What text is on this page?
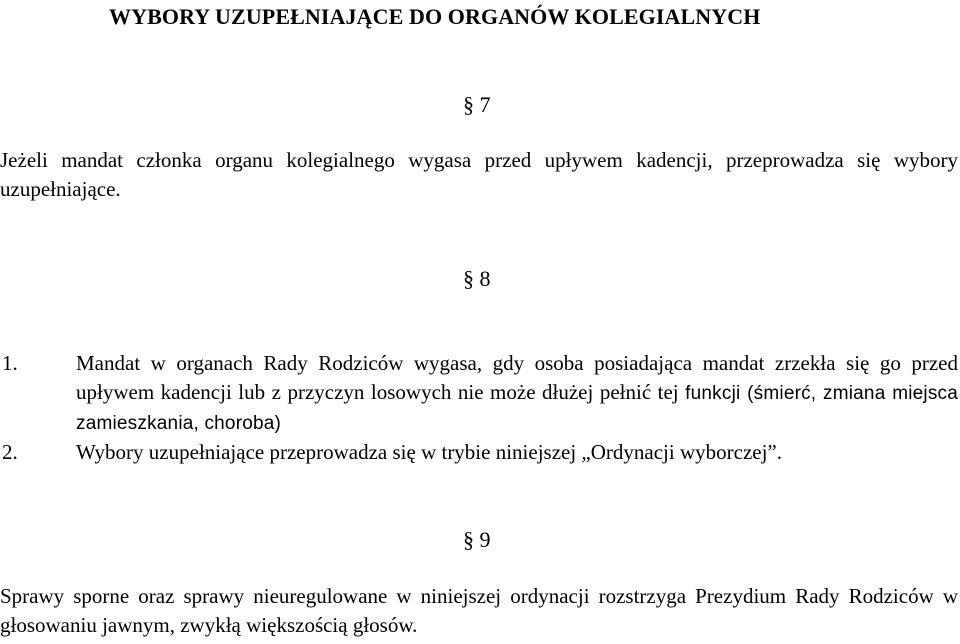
WYBORY UZUPEŁNIAJĄCE DO ORGANÓW KOLEGIALNYCH
§ 7
Jeżeli mandat członka organu kolegialnego wygasa przed upływem kadencji, przeprowadza się wybory uzupełniające.
§ 8
1.	Mandat w organach Rady Rodziców wygasa, gdy osoba posiadająca mandat zrzekła się go przed upływem kadencji lub z przyczyn losowych nie może dłużej pełnić tej funkcji (śmierć, zmiana miejsca zamieszkania, choroba)
2.	Wybory uzupełniające przeprowadza się w trybie niniejszej „Ordynacji wyborczej”.
§ 9
Sprawy sporne oraz sprawy nieuregulowane w niniejszej ordynacji rozstrzyga Prezydium Rady Rodziców w głosowaniu jawnym, zwykłą większością głosów.
